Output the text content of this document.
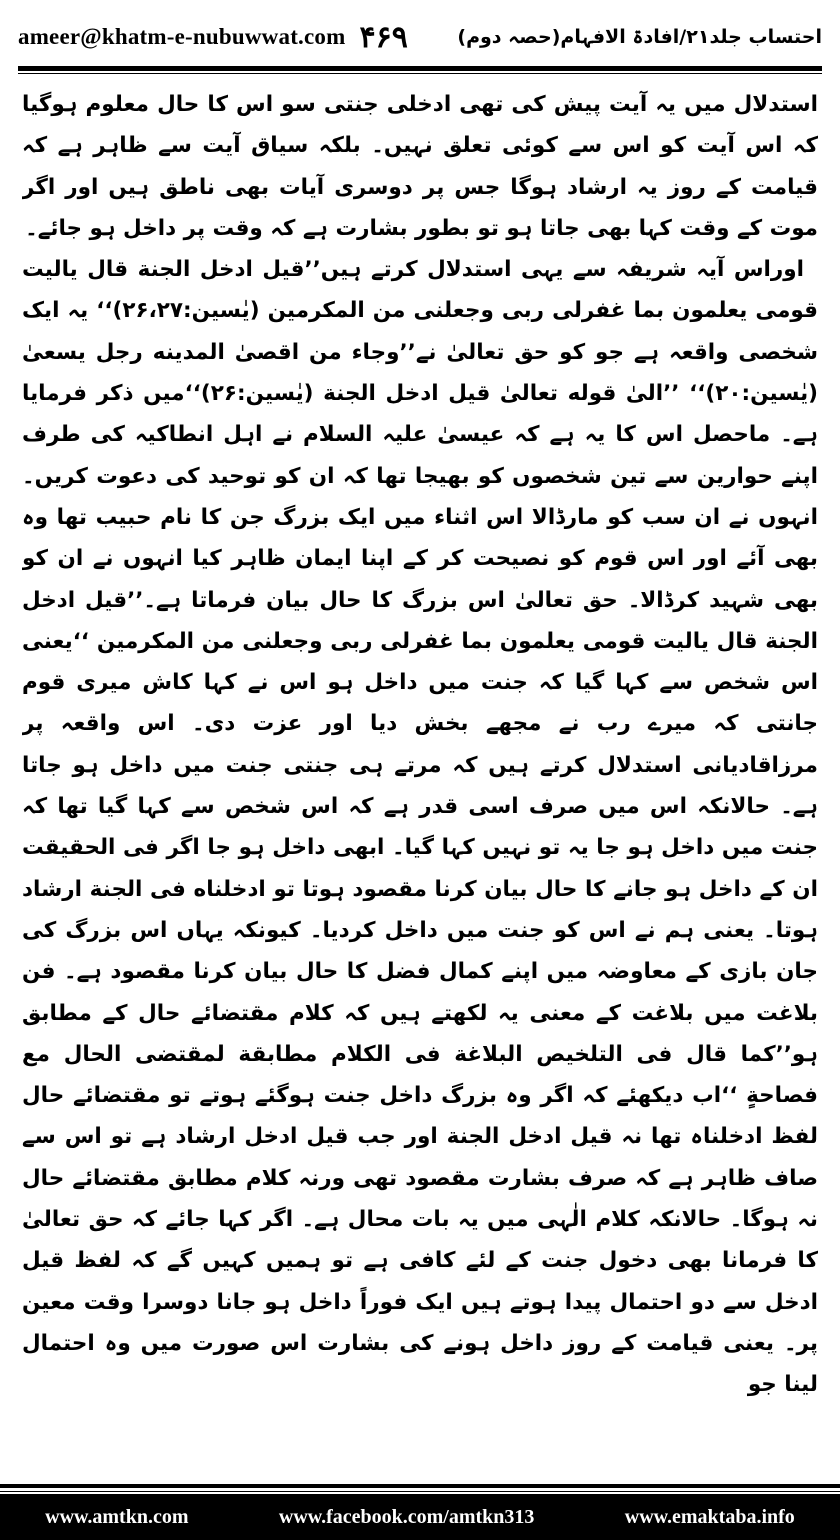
ameer@khatm-e-nubuwwat.com ۴۶۹	احتساب جلد۲۱/افادۃ الافہام(حصہ دوم)

استدلال میں یہ آیت پیش کی تھی ادخلی جنتی سو اس کا حال معلوم ہوگیا کہ اس آیت کو اس سے کوئی تعلق نہیں۔ بلکہ سیاق آیت سے ظاہر ہے کہ قیامت کے روز یہ ارشاد ہوگا جس پر دوسری آیات بھی ناطق ہیں اور اگر موت کے وقت کہا بھی جاتا ہو تو بطور بشارت ہے کہ وقت پر داخل ہو جائے۔

اوراس آیہ شریفہ سے یہی استدلال کرتے ہیں’’قیل ادخل الجنة قال یالیت قومی یعلمون بما غفرلی ربی وجعلنی من المکرمین (یٰسین:۲۶،۲۷)‘‘ یہ ایک شخصی واقعہ ہے جو کو حق تعالیٰ نے’’وجاء من اقصیٰ المدینه رجل یسعیٰ (یٰسین:۲۰)‘‘ ’’الیٰ قوله تعالیٰ قیل ادخل الجنة (یٰسین:۲۶)‘‘میں ذکر فرمایا ہے۔ ماحصل اس کا یہ ہے کہ عیسیٰ علیہ السلام نے اہل انطاکیہ کی طرف اپنے حوارین سے تین شخصوں کو بھیجا تھا کہ ان کو توحید کی دعوت کریں۔ انہوں نے ان سب کو مارڈالا اس اثناء میں ایک بزرگ جن کا نام حبیب تھا وہ بھی آئے اور اس قوم کو نصیحت کر کے اپنا ایمان ظاہر کیا انہوں نے ان کو بھی شہید کرڈالا۔ حق تعالیٰ اس بزرگ کا حال بیان فرماتا ہے۔’’قیل ادخل الجنة قال یالیت قومی یعلمون بما غفرلی ربی وجعلنی من المکرمین ‘‘یعنی اس شخص سے کہا گیا کہ جنت میں داخل ہو اس نے کہا کاش میری قوم جانتی کہ میرے رب نے مجھے بخش دیا اور عزت دی۔ اس واقعہ پر مرزاقادیانی استدلال کرتے ہیں کہ مرتے ہی جنتی جنت میں داخل ہو جاتا ہے۔ حالانکہ اس میں صرف اسی قدر ہے کہ اس شخص سے کہا گیا تھا کہ جنت میں داخل ہو جا یہ تو نہیں کہا گیا۔ ابھی داخل ہو جا اگر فی الحقیقت ان کے داخل ہو جانے کا حال بیان کرنا مقصود ہوتا تو ادخلناه فی الجنة ارشاد ہوتا۔ یعنی ہم نے اس کو جنت میں داخل کردیا۔ کیونکہ یہاں اس بزرگ کی جان بازی کے معاوضہ میں اپنے کمال فضل کا حال بیان کرنا مقصود ہے۔ فن بلاغت میں بلاغت کے معنی یہ لکھتے ہیں کہ کلام مقتضائے حال کے مطابق ہو’’کما قال فی التلخیص البلاغة فی الکلام مطابقة لمقتضی الحال مع فصاحةٍ ‘‘اب دیکھئے کہ اگر وہ بزرگ داخل جنت ہوگئے ہوتے تو مقتضائے حال لفظ ادخلناہ تھا نہ قیل ادخل الجنة اور جب قیل ادخل ارشاد ہے تو اس سے صاف ظاہر ہے کہ صرف بشارت مقصود تھی ورنہ کلام مطابق مقتضائے حال نہ ہوگا۔ حالانکہ کلام الٰہی میں یہ بات محال ہے۔ اگر کہا جائے کہ حق تعالیٰ کا فرمانا بھی دخول جنت کے لئے کافی ہے تو ہمیں کہیں گے کہ لفظ قیل ادخل سے دو احتمال پیدا ہوتے ہیں ایک فوراً داخل ہو جانا دوسرا وقت معین پر۔ یعنی قیامت کے روز داخل ہونے کی بشارت اس صورت میں وہ احتمال لینا جو

www.amtkn.com	www.facebook.com/amtkn313	www.emaktaba.info
